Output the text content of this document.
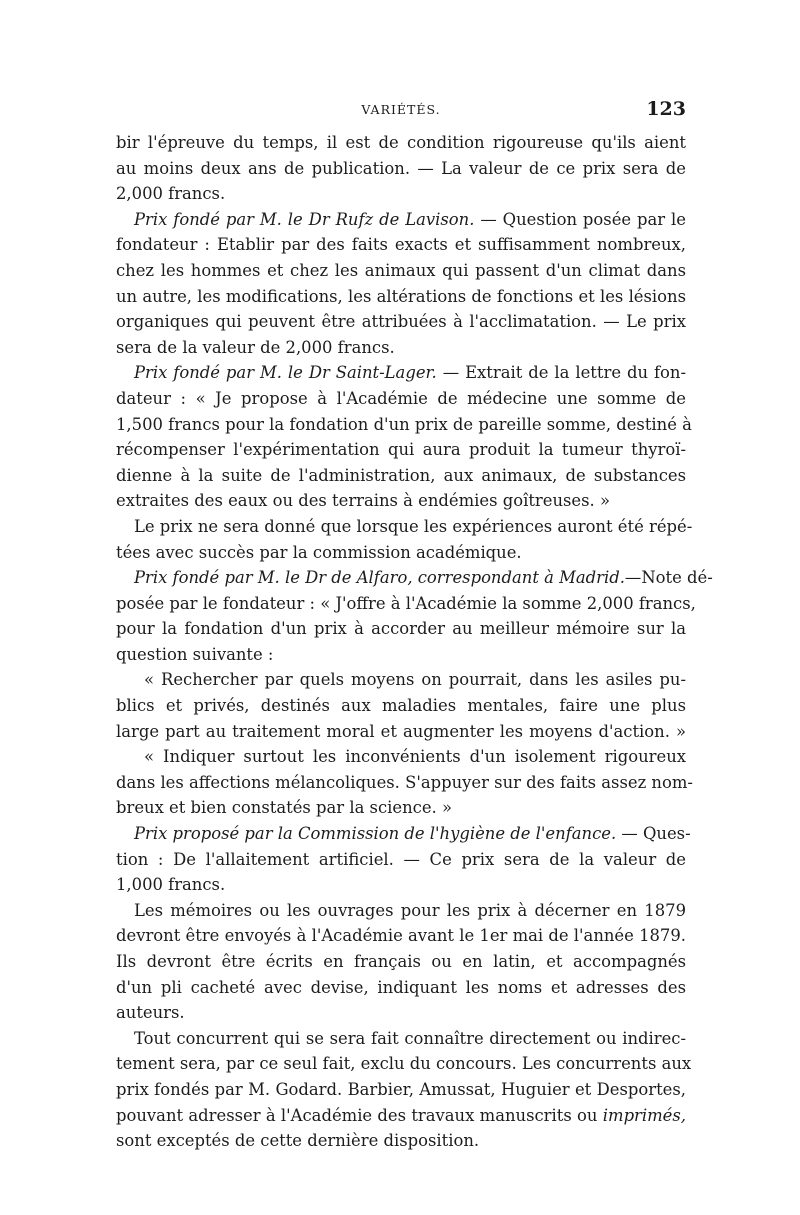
VARIÉTÉS.	123
bir l'épreuve du temps, il est de condition rigoureuse qu'ils aient
au moins deux ans de publication. — La valeur de ce prix sera de
2,000 francs.
Prix fondé par M. le Dr Rufz de Lavison. — Question posée par le
fondateur : Etablir par des faits exacts et suffisamment nombreux,
chez les hommes et chez les animaux qui passent d'un climat dans
un autre, les modifications, les altérations de fonctions et les lésions
organiques qui peuvent être attribuées à l'acclimatation. — Le prix
sera de la valeur de 2,000 francs.
Prix fondé par M. le Dr Saint-Lager. — Extrait de la lettre du fon-
dateur : « Je propose à l'Académie de médecine une somme de
1,500 francs pour la fondation d'un prix de pareille somme, destiné à
récompenser l'expérimentation qui aura produit la tumeur thyroï-
dienne à la suite de l'administration, aux animaux, de substances
extraites des eaux ou des terrains à endémies goîtreuses. »
Le prix ne sera donné que lorsque les expériences auront été répé-
tées avec succès par la commission académique.
Prix fondé par M. le Dr de Alfaro, correspondant à Madrid.—Note dé-
posée par le fondateur : « J'offre à l'Académie la somme 2,000 francs,
pour la fondation d'un prix à accorder au meilleur mémoire sur la
question suivante :
« Rechercher par quels moyens on pourrait, dans les asiles pu-
blics et privés, destinés aux maladies mentales, faire une plus
large part au traitement moral et augmenter les moyens d'action. »
« Indiquer surtout les inconvénients d'un isolement rigoureux
dans les affections mélancoliques. S'appuyer sur des faits assez nom-
breux et bien constatés par la science. »
Prix proposé par la Commission de l'hygiène de l'enfance. — Ques-
tion : De l'allaitement artificiel. — Ce prix sera de la valeur de
1,000 francs.
Les mémoires ou les ouvrages pour les prix à décerner en 1879
devront être envoyés à l'Académie avant le 1er mai de l'année 1879.
Ils devront être écrits en français ou en latin, et accompagnés
d'un pli cacheté avec devise, indiquant les noms et adresses des
auteurs.
Tout concurrent qui se sera fait connaître directement ou indirec-
tement sera, par ce seul fait, exclu du concours. Les concurrents aux
prix fondés par M. Godard. Barbier, Amussat, Huguier et Desportes,
pouvant adresser à l'Académie des travaux manuscrits ou imprimés,
sont exceptés de cette dernière disposition.
